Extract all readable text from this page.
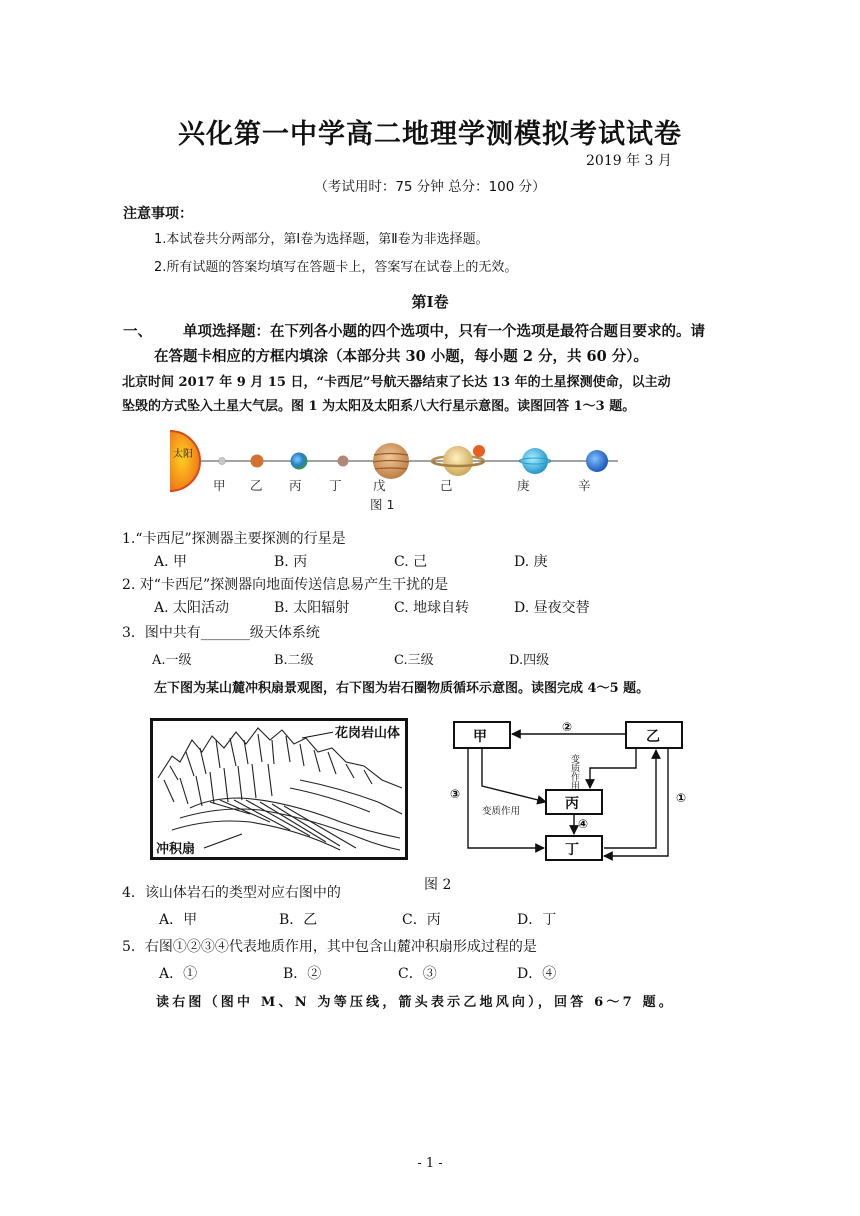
兴化第一中学高二地理学测模拟考试试卷
2019 年 3 月
（考试用时：75 分钟 总分：100 分）
注意事项：
1.本试卷共分两部分，第Ⅰ卷为选择题，第Ⅱ卷为非选择题。
2.所有试题的答案均填写在答题卡上，答案写在试卷上的无效。
第Ⅰ卷
一、 单项选择题：在下列各小题的四个选项中，只有一个选项是最符合题目要求的。请
在答题卡相应的方框内填涂（本部分共 30 小题，每小题 2 分，共 60 分）。
北京时间 2017 年 9 月 15 日，“卡西尼”号航天器结束了长达 13 年的土星探测使命，以主动
坠毁的方式坠入土星大气层。图 1 为太阳及太阳系八大行星示意图。读图回答 1～3 题。
太阳
甲 乙 丙 丁	戊	己	庚	辛
图 1
1.“卡西尼”探测器主要探测的行星是
A. 甲	B. 丙	C. 己	D. 庚
2. 对“卡西尼”探测器向地面传送信息易产生干扰的是
A. 太阳活动	B. 太阳辐射	C. 地球自转	D. 昼夜交替
3．图中共有_______级天体系统
A.一级	B.二级	C.三级	D.四级
左下图为某山麓冲积扇景观图，右下图为岩石圈物质循环示意图。读图完成 4～5 题。
花岗岩山体
冲积扇
甲	乙
丙
丁
②
①
③
④
变质作用
变质作用
图 2
4．该山体岩石的类型对应右图中的
A．甲	B．乙	C．丙	D．丁
5．右图①②③④代表地质作用，其中包含山麓冲积扇形成过程的是
A．①	B．②	C．③	D．④
读右图（图中 M、N 为等压线，箭头表示乙地风向），回答 6～7 题。
- 1 -
